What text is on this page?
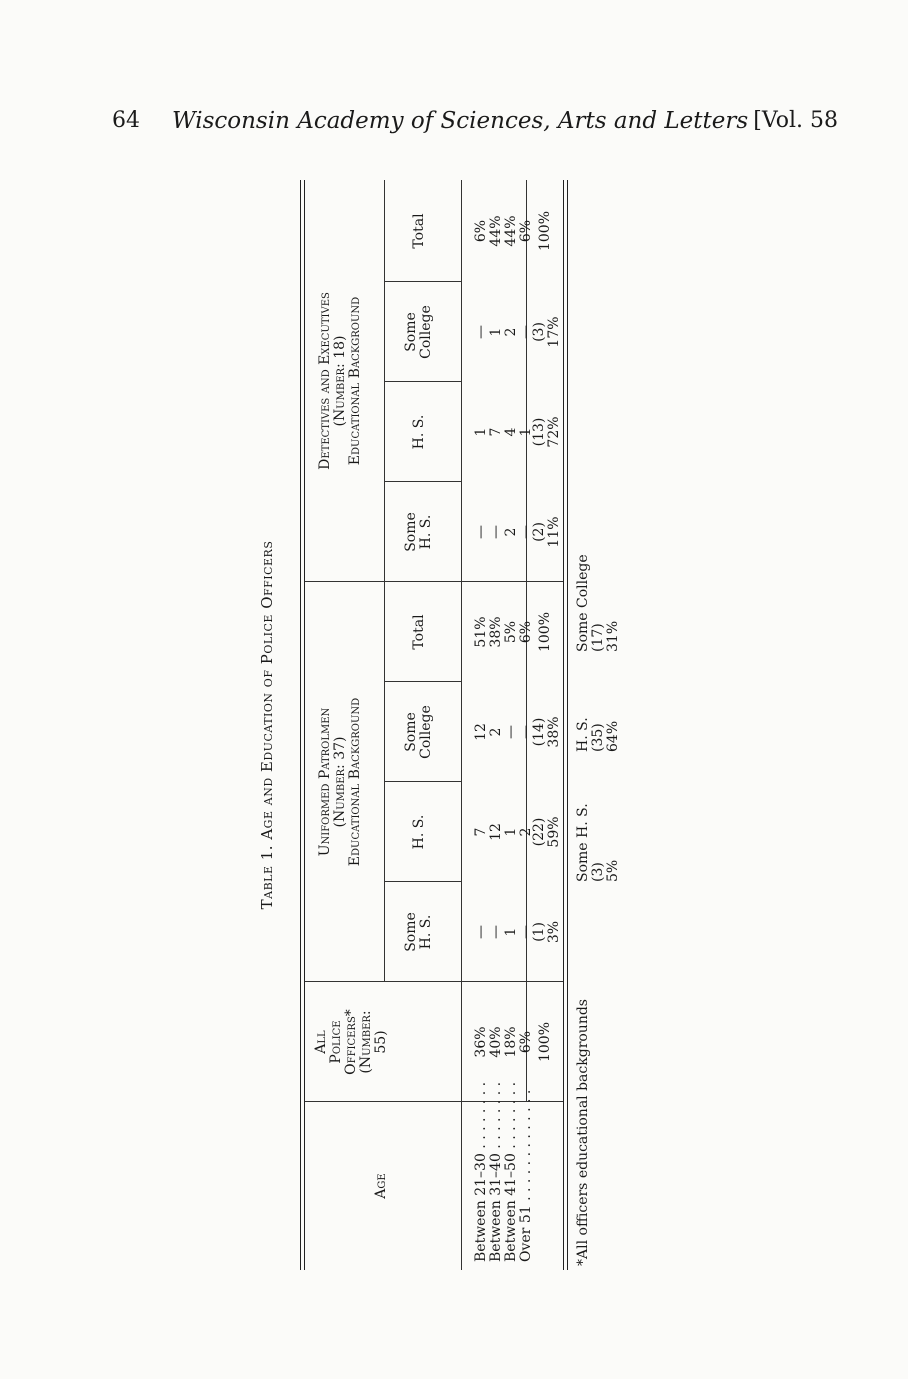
64 Wisconsin Academy of Sciences, Arts and Letters [Vol. 58
Table 1. Age and Education of Police Officers
Age
All Police Officers* (Number: 55)
Uniformed Patrolmen (Number: 37) Educational Background
Detectives and Executives (Number: 18) Educational Background
Some H. S.
H. S.
Some College
Total
Some H. S.
H. S.
Some College
Total
Between 21–30 . . . . . . . . Between 31–40 . . . . . . . . Between 41–50 . . . . . . . . Over 51 . . . . . . . . . . . . .
36% 40% 18% 6% 100%
— — 1 —
7 12 1 2
12 2 — —
51% 38% 5% 6%
(1) 3%
(22) 59%
(14) 38%
100%
— — 2 —
1 7 4 1
— 1 2 —
6% 44% 44% 6%
(2) 11%
(13) 72%
(3) 17%
100%
*All officers educational backgrounds
Some H. S. (3) 5%
H. S. (35) 64%
Some College (17) 31%
